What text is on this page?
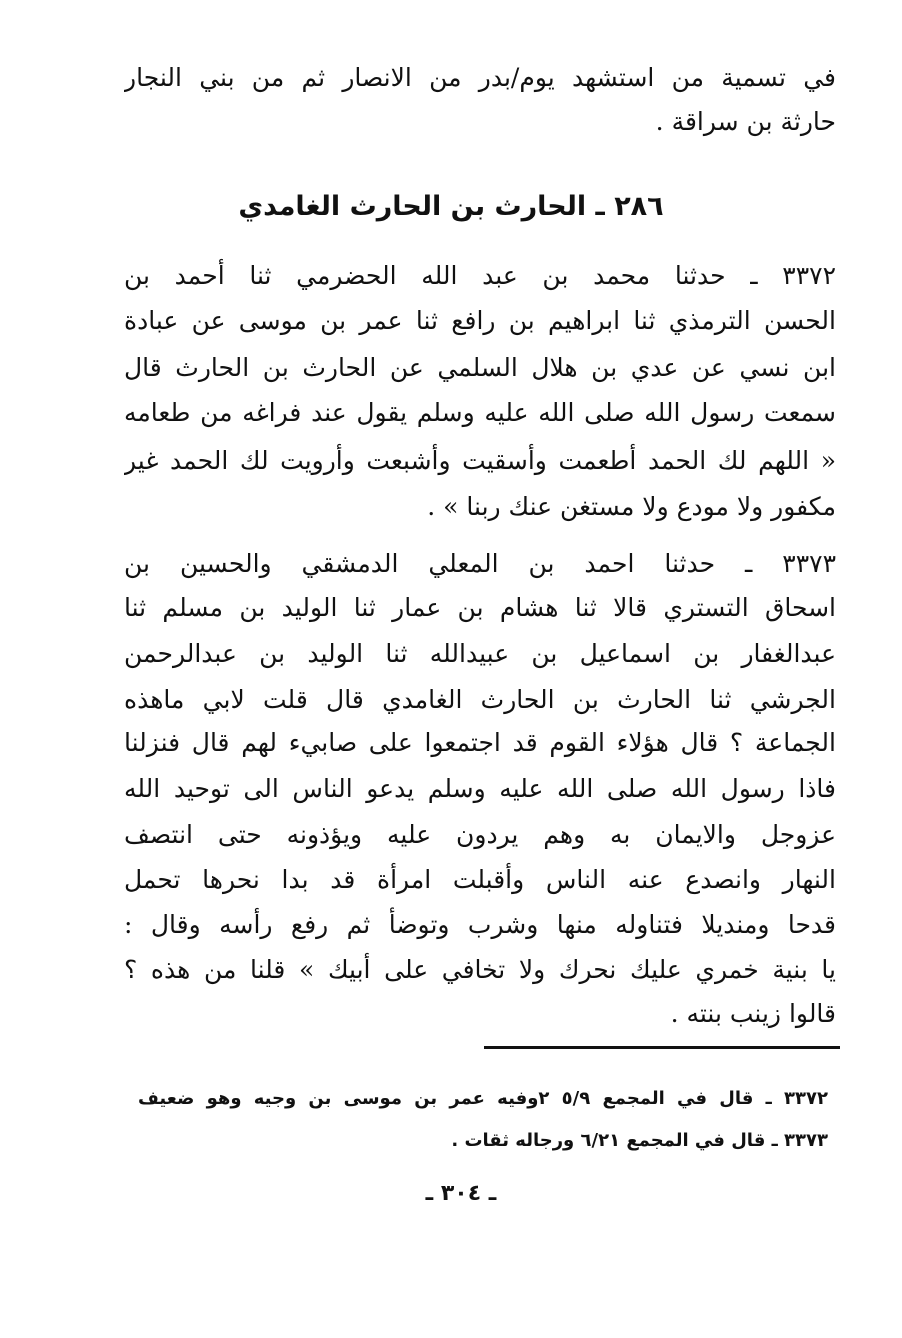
في تسمية من استشهد يوم/بدر من الانصار ثم من بني النجار
حارثة بن سراقة .
٢٨٦ ـ الحارث بن الحارث الغامدي
٣٣٧٢ ـ حدثنا محمد بن عبد الله الحضرمي ثنا أحمد بن
الحسن الترمذي ثنا ابراهيم بن رافع ثنا عمر بن موسى عن عبادة
ابن نسي عن عدي بن هلال السلمي عن الحارث بن الحارث قال
سمعت رسول الله صلى الله عليه وسلم يقول عند فراغه من طعامه
« اللهم لك الحمد أطعمت وأسقيت وأشبعت وأرويت لك الحمد غير
مكفور ولا مودع ولا مستغن عنك ربنا » .
٣٣٧٣ ـ حدثنا احمد بن المعلي الدمشقي والحسين بن
اسحاق التستري قالا ثنا هشام بن عمار ثنا الوليد بن مسلم ثنا
عبدالغفار بن اسماعيل بن عبيدالله ثنا الوليد بن عبدالرحمن
الجرشي ثنا الحارث بن الحارث الغامدي قال قلت لابي ماهذه
الجماعة ؟ قال هؤلاء القوم قد اجتمعوا على صابيء لهم قال فنزلنا
فاذا رسول الله صلى الله عليه وسلم يدعو الناس الى توحيد الله
عزوجل والايمان به وهم يردون عليه ويؤذونه حتى انتصف
النهار وانصدع عنه الناس وأقبلت امرأة قد بدا نحرها تحمل
قدحا ومنديلا فتناوله منها وشرب وتوضأ ثم رفع رأسه وقال :
يا بنية خمري عليك نحرك ولا تخافي على أبيك » قلنا من هذه ؟
قالوا زينب بنته .
٣٣٧٢ ـ قال في المجمع ٥/٩ ٢وفيه عمر بن موسى بن وجيه وهو ضعيف
٣٣٧٣ ـ قال في المجمع ٦/٢١ ورجاله ثقات .
ـ ٣٠٤ ـ
